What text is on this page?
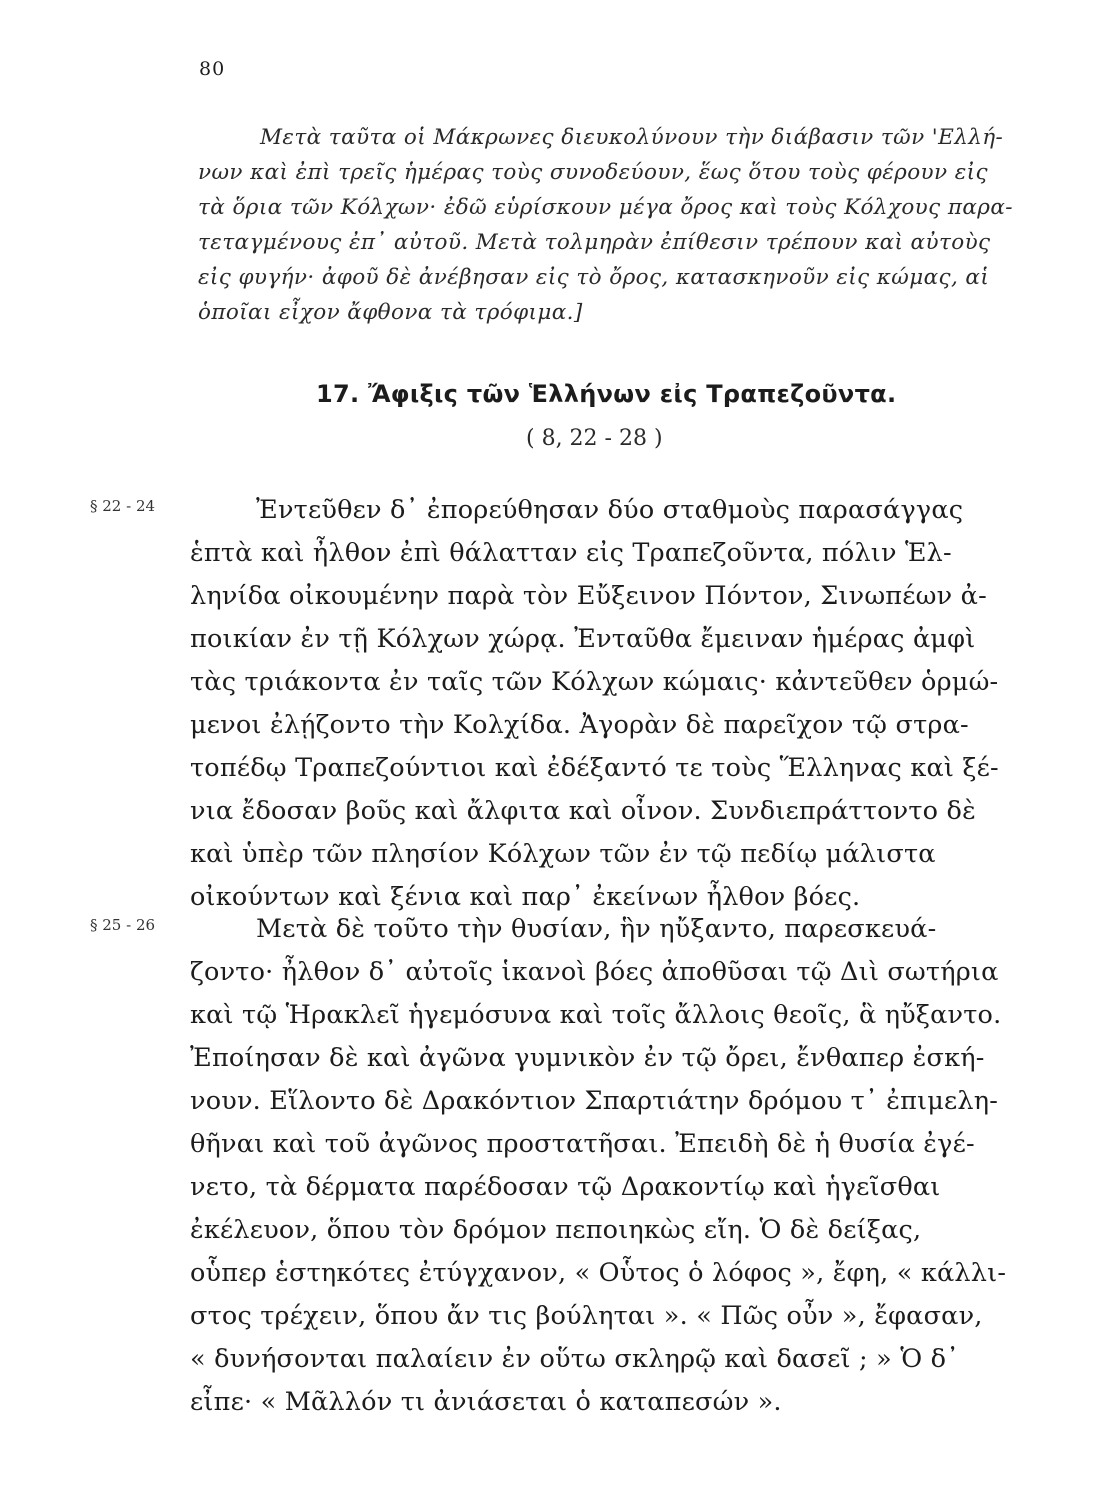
80
Μετὰ ταῦτα οἱ Μάκρωνες διευκολύνουν τὴν διάβασιν τῶν 'Ελλή-
νων καὶ ἐπὶ τρεῖς ἡμέρας τοὺς συνοδεύουν, ἕως ὅτου τοὺς φέρουν εἰς
τὰ ὅρια τῶν Κόλχων· ἐδῶ εὑρίσκουν μέγα ὄρος καὶ τοὺς Κόλχους παρα-
τεταγμένους ἐπ᾿ αὐτοῦ. Μετὰ τολμηρὰν ἐπίθεσιν τρέπουν καὶ αὐτοὺς
εἰς φυγήν· ἀφοῦ δὲ ἀνέβησαν εἰς τὸ ὄρος, κατασκηνοῦν εἰς κώμας, αἱ
ὁποῖαι εἶχον ἄφθονα τὰ τρόφιμα.]
17. Ἄφιξις τῶν Ἑλλήνων εἰς Τραπεζοῦντα.
( 8, 22 - 28 )
§ 22 - 24	Ἐντεῦθεν δ᾿ ἐπορεύθησαν δύο σταθμοὺς παρασάγγας
ἑπτὰ καὶ ἦλθον ἐπὶ θάλατταν εἰς Τραπεζοῦντα, πόλιν Ἑλ-
ληνίδα οἰκουμένην παρὰ τὸν Εὔξεινον Πόντον, Σινωπέων ἀ-
ποικίαν ἐν τῇ Κόλχων χώρᾳ. Ἐνταῦθα ἔμειναν ἡμέρας ἀμφὶ
τὰς τριάκοντα ἐν ταῖς τῶν Κόλχων κώμαις· κἀντεῦθεν ὁρμώ-
μενοι ἐλῄζοντο τὴν Κολχίδα. Ἀγορὰν δὲ παρεῖχον τῷ στρα-
τοπέδῳ Τραπεζούντιοι καὶ ἐδέξαντό τε τοὺς Ἕλληνας καὶ ξέ-
νια ἔδοσαν βοῦς καὶ ἄλφιτα καὶ οἶνον. Συνδιεπράττοντο δὲ
καὶ ὑπὲρ τῶν πλησίον Κόλχων τῶν ἐν τῷ πεδίῳ μάλιστα
οἰκούντων καὶ ξένια καὶ παρ᾿ ἐκείνων ἦλθον βόες.
§ 25 - 26	Μετὰ δὲ τοῦτο τὴν θυσίαν, ἣν ηὔξαντο, παρεσκευά-
ζοντο· ἦλθον δ᾿ αὐτοῖς ἱκανοὶ βόες ἀποθῦσαι τῷ Διὶ σωτήρια
καὶ τῷ Ἡρακλεῖ ἡγεμόσυνα καὶ τοῖς ἄλλοις θεοῖς, ἃ ηὔξαντο.
Ἐποίησαν δὲ καὶ ἀγῶνα γυμνικὸν ἐν τῷ ὄρει, ἔνθαπερ ἐσκή-
νουν. Εἵλοντο δὲ Δρακόντιον Σπαρτιάτην δρόμου τ᾿ ἐπιμελη-
θῆναι καὶ τοῦ ἀγῶνος προστατῆσαι. Ἐπειδὴ δὲ ἡ θυσία ἐγέ-
νετο, τὰ δέρματα παρέδοσαν τῷ Δρακοντίῳ καὶ ἡγεῖσθαι
ἐκέλευον, ὅπου τὸν δρόμον πεποιηκὼς εἴη. Ὁ δὲ δείξας,
οὗπερ ἑστηκότες ἐτύγχανον, « Οὗτος ὁ λόφος », ἔφη, « κάλλι-
στος τρέχειν, ὅπου ἄν τις βούληται ». « Πῶς οὖν », ἔφασαν,
« δυνήσονται παλαίειν ἐν οὕτω σκληρῷ καὶ δασεῖ ; » Ὁ δ᾿
εἶπε· « Μᾶλλόν τι ἀνιάσεται ὁ καταπεσών ».
